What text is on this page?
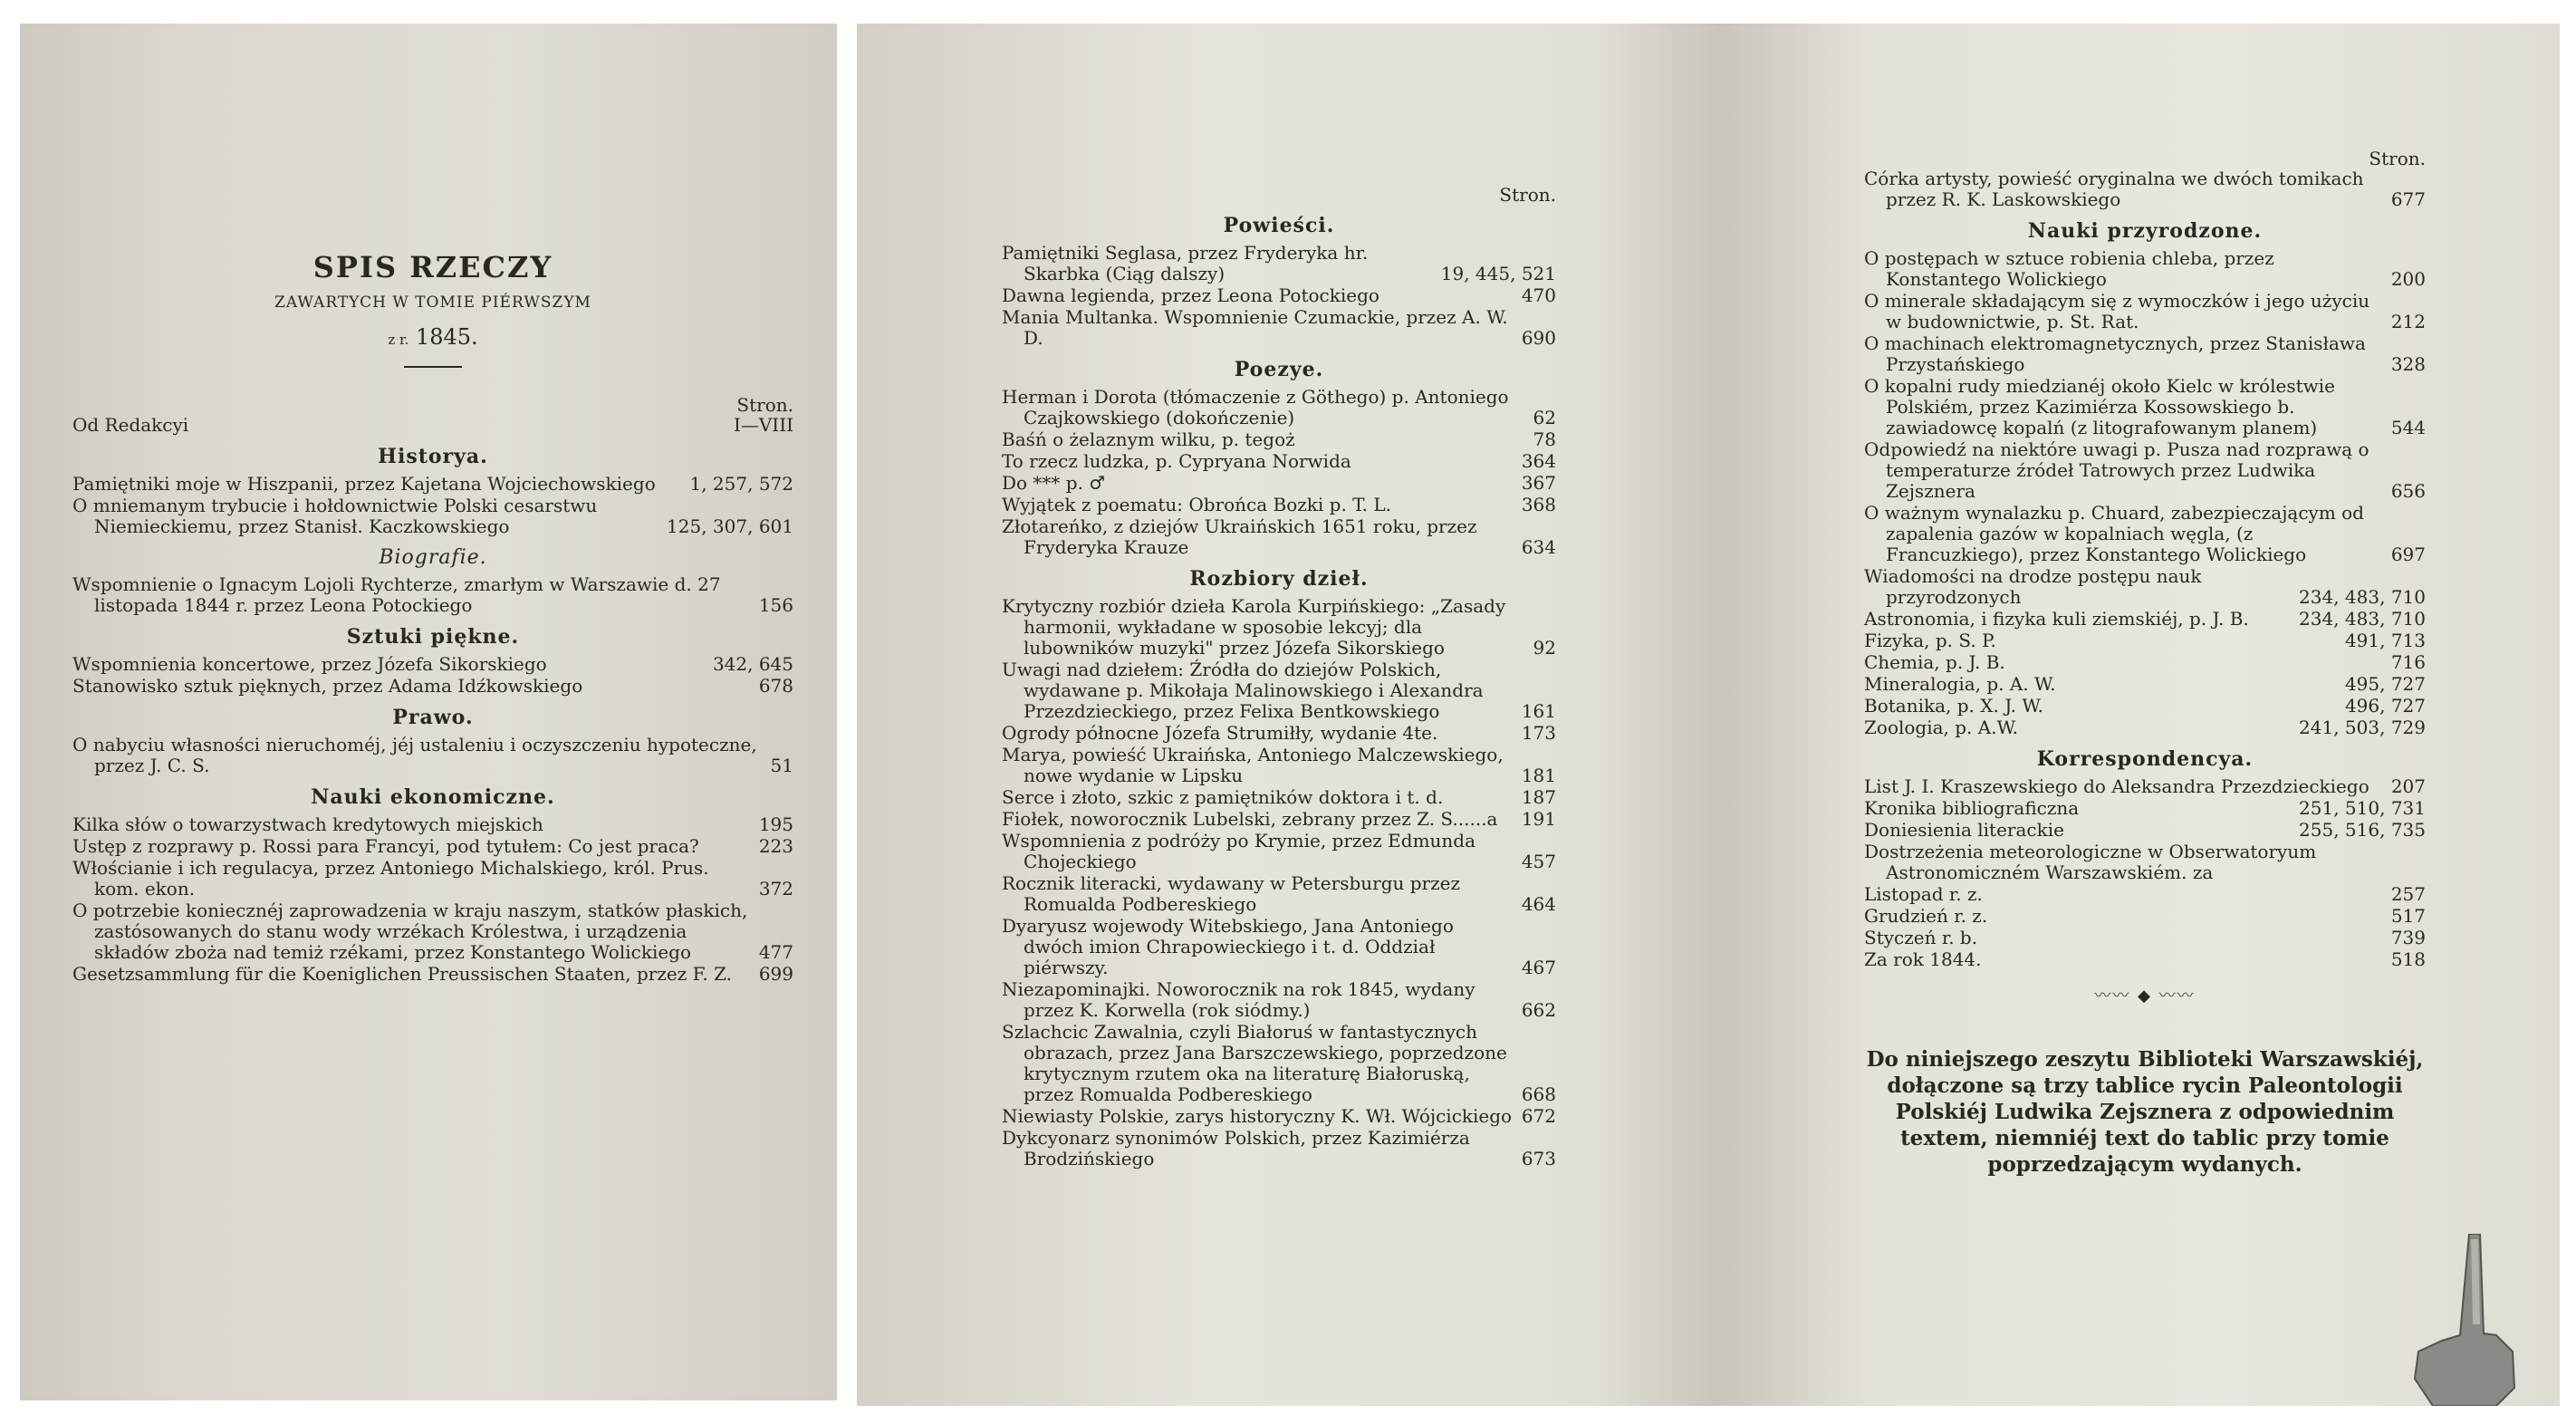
SPIS RZECZY
ZAWARTYCH W TOMIE PIÉRWSZYM
z r. 1845.
Stron.
Od Redakcyi	I—VIII
Historya.
Pamiętniki moje w Hiszpanii, przez Kajetana Wojciechowskiego	1, 257, 572
O mniemanym trybucie i hołdownictwie Polski cesarstwu Niemieckiemu, przez Stanisł. Kaczkowskiego	125, 307, 601
Biografie.
Wspomnienie o Ignacym Lojoli Rychterze, zmarłym w Warszawie d. 27 listopada 1844 r. przez Leona Potockiego	156
Sztuki piękne.
Wspomnienia koncertowe, przez Józefa Sikorskiego	342, 645
Stanowisko sztuk pięknych, przez Adama Idźkowskiego	678
Prawo.
O nabyciu własności nieruchoméj, jéj ustaleniu i oczyszczeniu hypoteczne, przez J. C. S.	51
Nauki ekonomiczne.
Kilka słów o towarzystwach kredytowych miejskich	195
Ustęp z rozprawy p. Rossi para Francyi, pod tytułem: Co jest praca?	223
Włościanie i ich regulacya, przez Antoniego Michalskiego, król. Prus. kom. ekon.	372
O potrzebie koniecznéj zaprowadzenia w kraju naszym, statków płaskich, zastósowanych do stanu wody wrzékach Królestwa, i urządzenia składów zboża nad temiż rzékami, przez Konstantego Wolickiego	477
Gesetzsammlung für die Koeniglichen Preussischen Staaten, przez F. Z.	699
Stron.
Powieści.
Pamiętniki Seglasa, przez Fryderyka hr. Skarbka (Ciąg dalszy)	19, 445, 521
Dawna legienda, przez Leona Potockiego	470
Mania Multanka. Wspomnienie Czumackie, przez A. W. D.	690
Poezye.
Herman i Dorota (tłómaczenie z Göthego) p. Antoniego Czajkowskiego (dokończenie)	62
Baśń o żelaznym wilku, p. tegoż	78
To rzecz ludzka, p. Cypryana Norwida	364
Do *** p. ♂	367
Wyjątek z poematu: Obrońca Bozki p. T. L.	368
Złotareńko, z dziejów Ukraińskich 1651 roku, przez Fryderyka Krauze	634
Rozbiory dzieł.
Krytyczny rozbiór dzieła Karola Kurpińskiego: „Zasady harmonii, wykładane w sposobie lekcyj; dla lubowników muzyki" przez Józefa Sikorskiego	92
Uwagi nad dziełem: Źródła do dziejów Polskich, wydawane p. Mikołaja Malinowskiego i Alexandra Przezdzieckiego, przez Felixa Bentkowskiego	161
Ogrody północne Józefa Strumiłły, wydanie 4te.	173
Marya, powieść Ukraińska, Antoniego Malczewskiego, nowe wydanie w Lipsku	181
Serce i złoto, szkic z pamiętników doktora i t. d.	187
Fiołek, noworocznik Lubelski, zebrany przez Z. S......a	191
Wspomnienia z podróży po Krymie, przez Edmunda Chojeckiego	457
Rocznik literacki, wydawany w Petersburgu przez Romualda Podbereskiego	464
Dyaryusz wojewody Witebskiego, Jana Antoniego dwóch imion Chrapowieckiego i t. d. Oddział piérwszy.	467
Niezapominajki. Noworocznik na rok 1845, wydany przez K. Korwella (rok siódmy.)	662
Szlachcic Zawalnia, czyli Białoruś w fantastycznych obrazach, przez Jana Barszczewskiego, poprzedzone krytycznym rzutem oka na literaturę Białoruską, przez Romualda Podbereskiego	668
Niewiasty Polskie, zarys historyczny K. Wł. Wójcickiego 672
Dykcyonarz synonimów Polskich, przez Kazimiérza Brodzińskiego	673
Stron.
Córka artysty, powieść oryginalna we dwóch tomikach przez R. K. Laskowskiego	677
Nauki przyrodzone.
O postępach w sztuce robienia chleba, przez Konstantego Wolickiego	200
O minerale składającym się z wymoczków i jego użyciu w budownictwie, p. St. Rat.	212
O machinach elektromagnetycznych, przez Stanisława Przystańskiego	328
O kopalni rudy miedzianéj około Kielc w królestwie Polskiém, przez Kazimiérza Kossowskiego b. zawiadowcę kopalń (z litografowanym planem)	544
Odpowiedź na niektóre uwagi p. Pusza nad rozprawą o temperaturze źródeł Tatrowych przez Ludwika Zejsznera	656
O ważnym wynalazku p. Chuard, zabezpieczającym od zapalenia gazów w kopalniach węgla, (z Francuzkiego), przez Konstantego Wolickiego	697
Wiadomości na drodze postępu nauk przyrodzonych	234, 483, 710
Astronomia, i fizyka kuli ziemskiéj, p. J. B.	234, 483, 710
Fizyka, p. S. P.	491, 713
Chemia, p. J. B.	716
Mineralogia, p. A. W.	495, 727
Botanika, p. X. J. W.	496, 727
Zoologia, p. A.W.	241, 503, 729
Korrespondencya.
List J. I. Kraszewskiego do Aleksandra Przezdzieckiego	207
Kronika bibliograficzna	251, 510, 731
Doniesienia literackie	255, 516, 735
Dostrzeżenia meteorologiczne w Obserwatoryum Astronomiczném Warszawskiém. za
Listopad r. z.	257
Grudzień r. z.	517
Styczeń r. b.	739
Za rok 1844.	518
〰〰 ◆ 〰〰
Do niniejszego zeszytu Biblioteki Warszawskiéj, dołączone są trzy tablice rycin Paleontologii Polskiéj Ludwika Zejsznera z odpowiednim textem, niemniéj text do tablic przy tomie poprzedzającym wydanych.
